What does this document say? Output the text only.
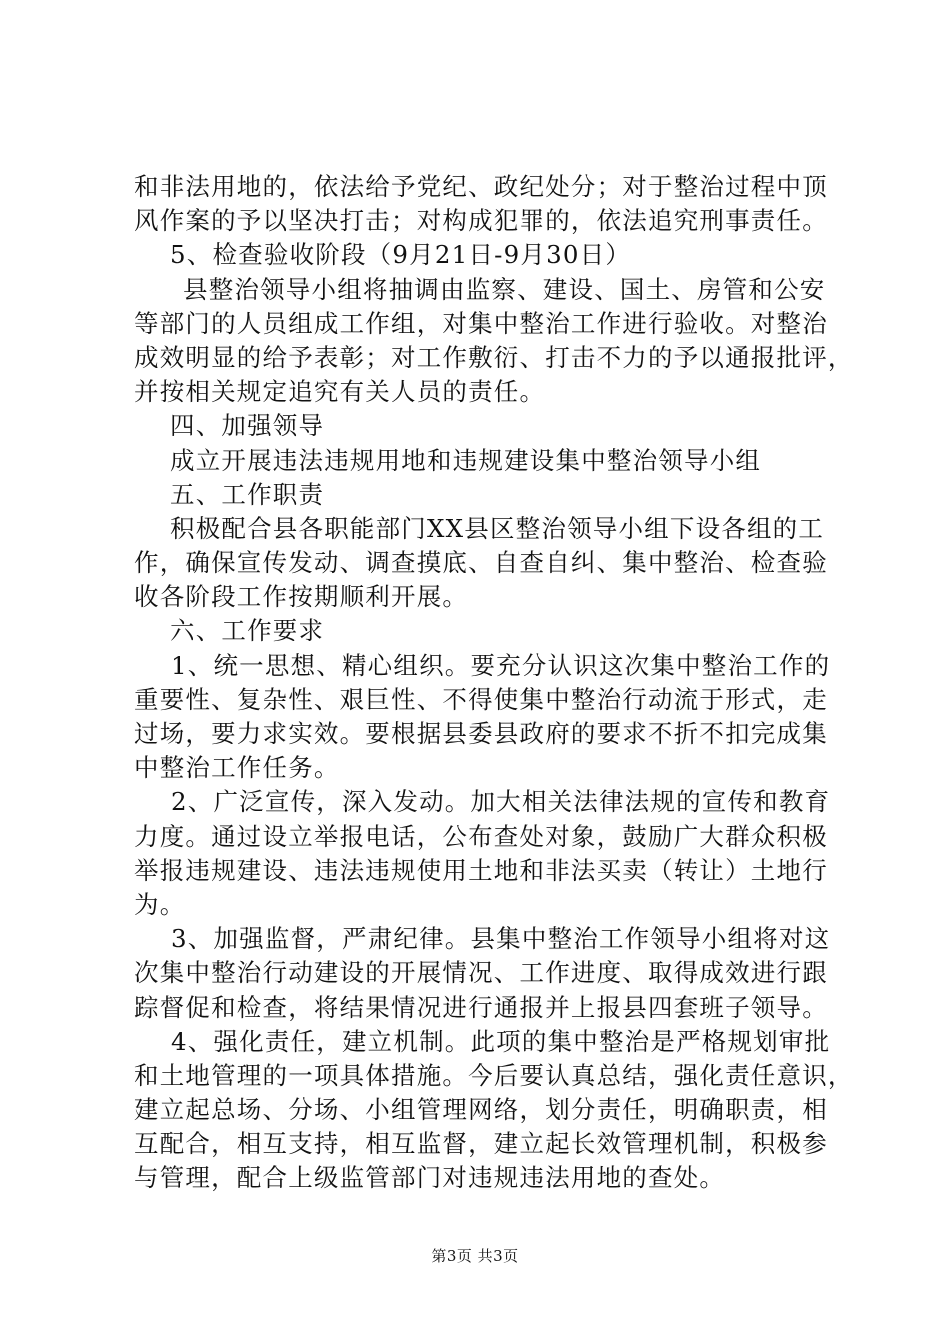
和非法用地的，依法给予党纪、政纪处分；对于整治过程中顶
风作案的予以坚决打击；对构成犯罪的，依法追究刑事责任。
5、检查验收阶段（9月21日-9月30日）
县整治领导小组将抽调由监察、建设、国土、房管和公安
等部门的人员组成工作组，对集中整治工作进行验收。对整治
成效明显的给予表彰；对工作敷衍、打击不力的予以通报批评，
并按相关规定追究有关人员的责任。
四、加强领导
成立开展违法违规用地和违规建设集中整治领导小组
五、工作职责
积极配合县各职能部门XX县区整治领导小组下设各组的工
作，确保宣传发动、调查摸底、自查自纠、集中整治、检查验
收各阶段工作按期顺利开展。
六、工作要求
1、统一思想、精心组织。要充分认识这次集中整治工作的
重要性、复杂性、艰巨性、不得使集中整治行动流于形式，走
过场，要力求实效。要根据县委县政府的要求不折不扣完成集
中整治工作任务。
2、广泛宣传，深入发动。加大相关法律法规的宣传和教育
力度。通过设立举报电话，公布查处对象，鼓励广大群众积极
举报违规建设、违法违规使用土地和非法买卖（转让）土地行
为。
3、加强监督，严肃纪律。县集中整治工作领导小组将对这
次集中整治行动建设的开展情况、工作进度、取得成效进行跟
踪督促和检查，将结果情况进行通报并上报县四套班子领导。
4、强化责任，建立机制。此项的集中整治是严格规划审批
和土地管理的一项具体措施。今后要认真总结，强化责任意识，
建立起总场、分场、小组管理网络，划分责任，明确职责，相
互配合，相互支持，相互监督，建立起长效管理机制，积极参
与管理，配合上级监管部门对违规违法用地的查处。
第3页 共3页
